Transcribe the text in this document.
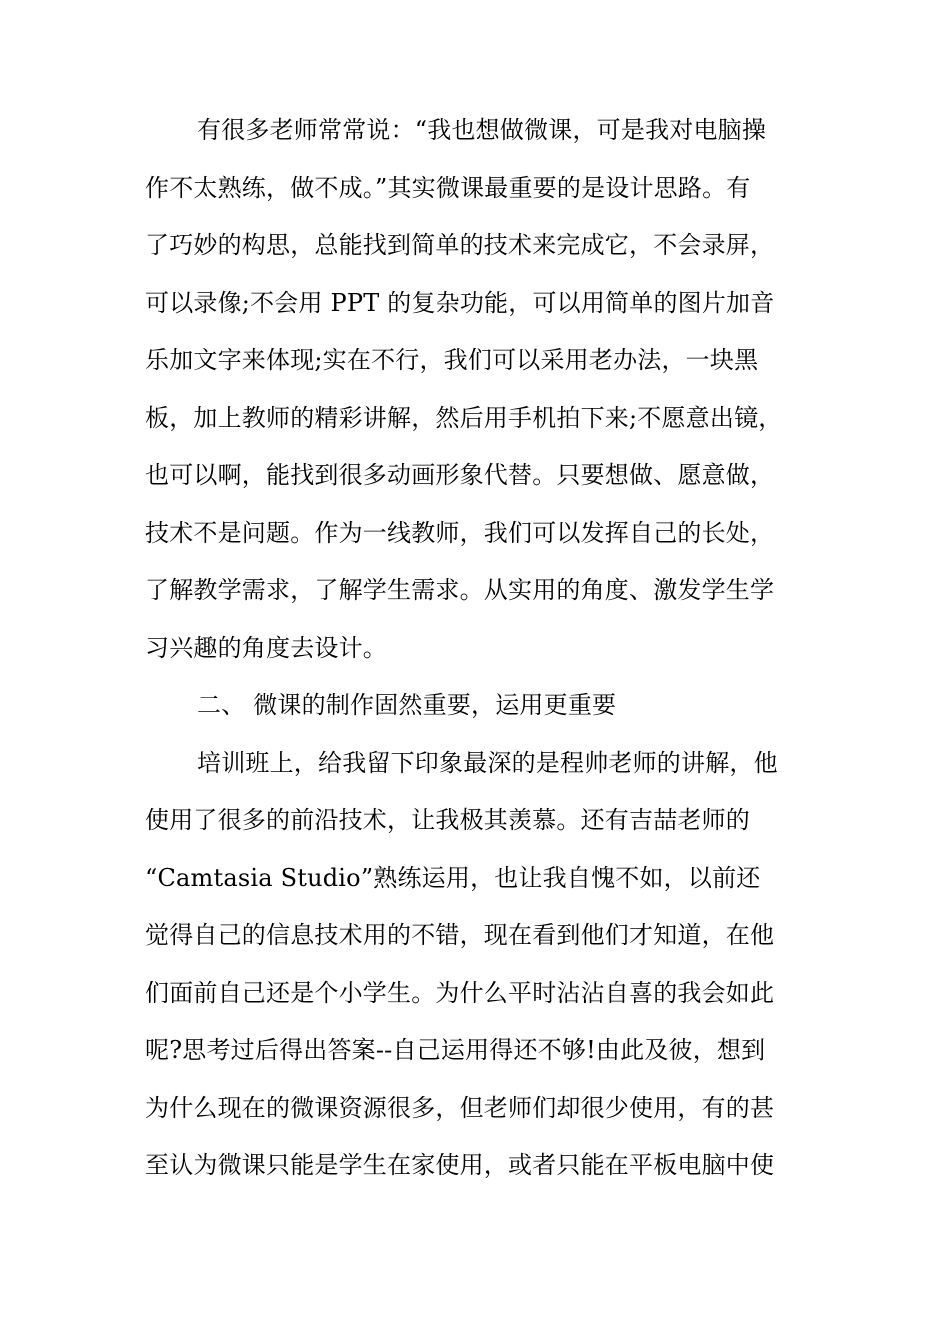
有很多老师常常说：“我也想做微课，可是我对电脑操
作不太熟练，做不成。”其实微课最重要的是设计思路。有
了巧妙的构思，总能找到简单的技术来完成它，不会录屏，
可以录像;不会用 PPT 的复杂功能，可以用简单的图片加音
乐加文字来体现;实在不行，我们可以采用老办法，一块黑
板，加上教师的精彩讲解，然后用手机拍下来;不愿意出镜，
也可以啊，能找到很多动画形象代替。只要想做、愿意做，
技术不是问题。作为一线教师，我们可以发挥自己的长处，
了解教学需求，了解学生需求。从实用的角度、激发学生学
习兴趣的角度去设计。
二、 微课的制作固然重要，运用更重要
培训班上，给我留下印象最深的是程帅老师的讲解，他
使用了很多的前沿技术，让我极其羡慕。还有吉喆老师的
“Camtasia Studio”熟练运用，也让我自愧不如，以前还
觉得自己的信息技术用的不错，现在看到他们才知道，在他
们面前自己还是个小学生。为什么平时沾沾自喜的我会如此
呢?思考过后得出答案--自己运用得还不够!由此及彼，想到
为什么现在的微课资源很多，但老师们却很少使用，有的甚
至认为微课只能是学生在家使用，或者只能在平板电脑中使
